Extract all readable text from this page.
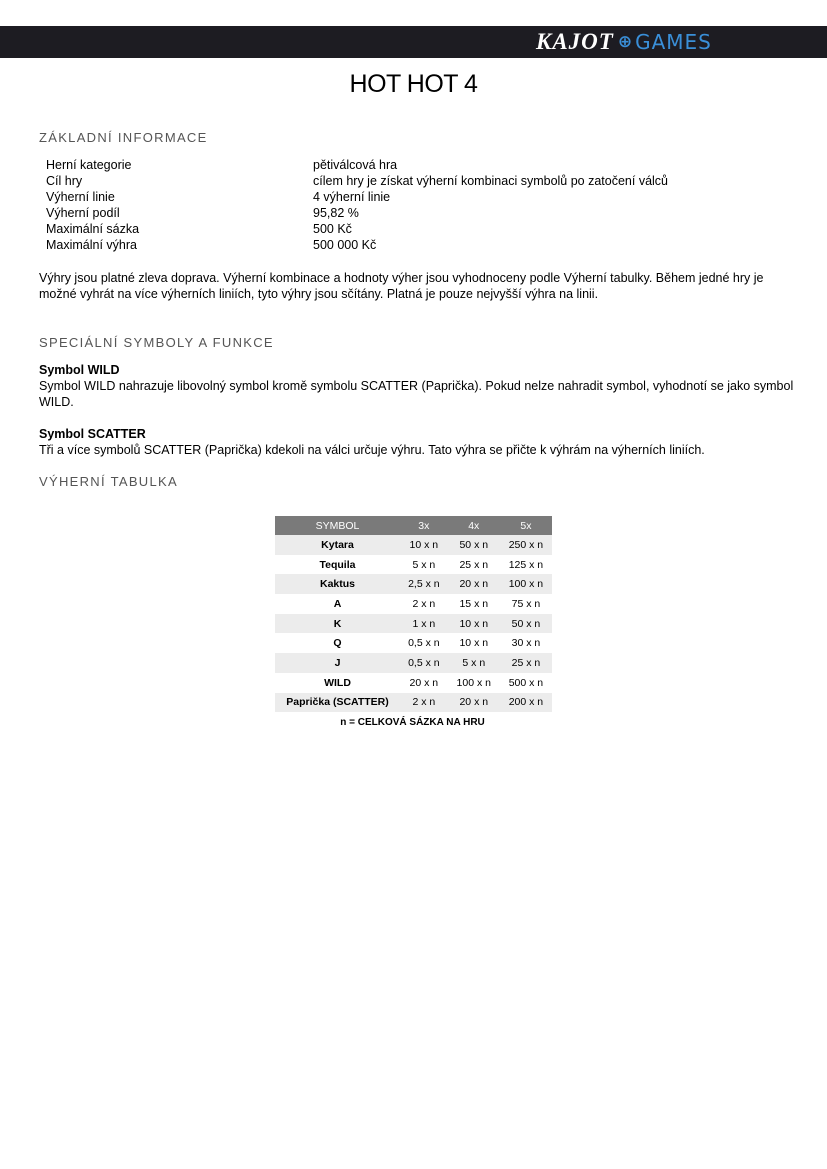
KAJOT ⊕ GAMES
HOT HOT 4
ZÁKLADNÍ INFORMACE
Herní kategorie	pětiválcová hra
Cíl hry	cílem hry je získat výherní kombinaci symbolů po zatočení válců
Výherní linie	4 výherní linie
Výherní podíl	95,82 %
Maximální sázka	500 Kč
Maximální výhra	500 000 Kč
Výhry jsou platné zleva doprava. Výherní kombinace a hodnoty výher jsou vyhodnoceny podle Výherní tabulky. Během jedné hry je možné vyhrát na více výherních liniích, tyto výhry jsou sčítány. Platná je pouze nejvyšší výhra na linii.
SPECIÁLNÍ SYMBOLY A FUNKCE
Symbol WILD
Symbol WILD nahrazuje libovolný symbol kromě symbolu SCATTER (Paprička). Pokud nelze nahradit symbol, vyhodnotí se jako symbol WILD.
Symbol SCATTER
Tři a více symbolů SCATTER (Paprička) kdekoli na válci určuje výhru. Tato výhra se přičte k výhrám na výherních liniích.
VÝHERNÍ TABULKA
SYMBOL	3x	4x	5x
Kytara	10 x n	50 x n	250 x n
Tequila	5 x n	25 x n	125 x n
Kaktus	2,5 x n	20 x n	100 x n
A	2 x n	15 x n	75 x n
K	1 x n	10 x n	50 x n
Q	0,5 x n	10 x n	30 x n
J	0,5 x n	5 x n	25 x n
WILD	20 x n	100 x n	500 x n
Paprička (SCATTER)	2 x n	20 x n	200 x n
n = CELKOVÁ SÁZKA NA HRU
